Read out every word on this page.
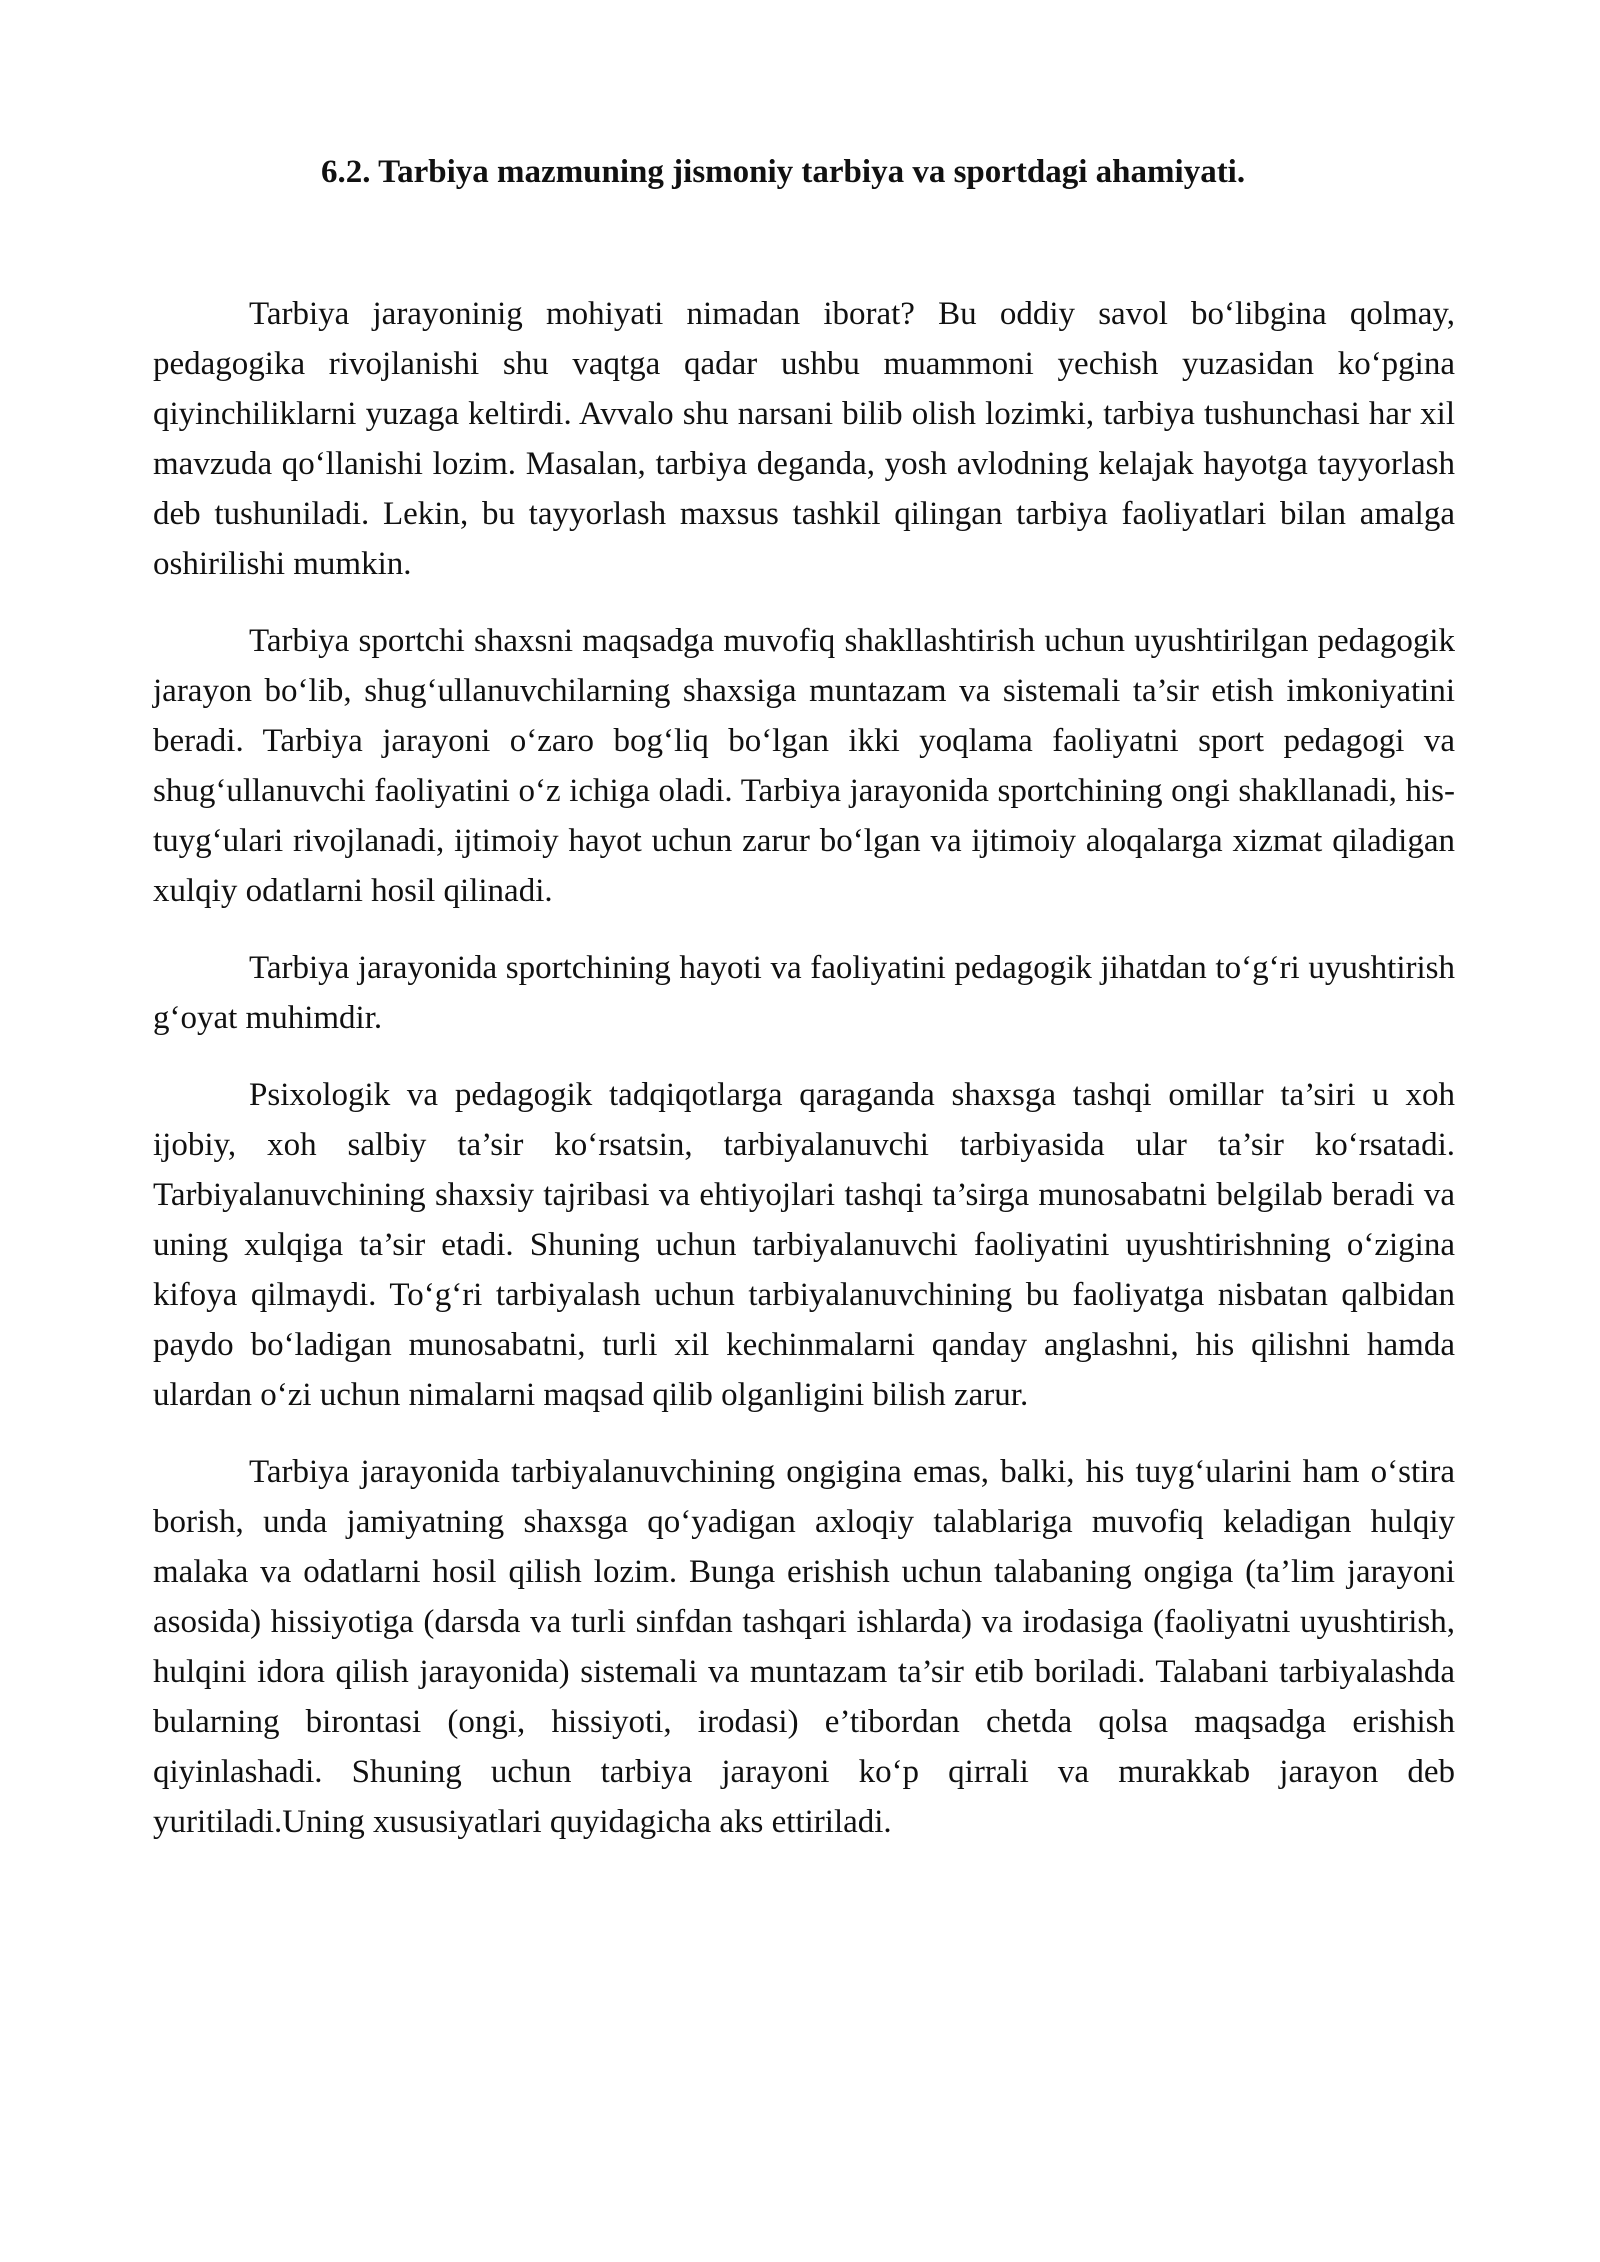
6.2. Tarbiya mazmuning jismoniy tarbiya va sportdagi ahamiyati.

Tarbiya jarayoninig mohiyati nimadan iborat? Bu oddiy savol bo‘libgina qolmay, pedagogika rivojlanishi shu vaqtga qadar ushbu muammoni yechish yuzasidan ko‘pgina qiyinchiliklarni yuzaga keltirdi. Avvalo shu narsani bilib olish lozimki, tarbiya tushunchasi har xil mavzuda qo‘llanishi lozim. Masalan, tarbiya deganda, yosh avlodning kelajak hayotga tayyorlash deb tushuniladi. Lekin, bu tayyorlash maxsus tashkil qilingan tarbiya faoliyatlari bilan amalga oshirilishi mumkin.

Tarbiya sportchi shaxsni maqsadga muvofiq shakllashtirish uchun uyushtirilgan pedagogik jarayon bo‘lib, shug‘ullanuvchilarning shaxsiga muntazam va sistemali ta’sir etish imkoniyatini beradi. Tarbiya jarayoni o‘zaro bog‘liq bo‘lgan ikki yoqlama faoliyatni sport pedagogi va shug‘ullanuvchi faoliyatini o‘z ichiga oladi. Tarbiya jarayonida sportchining ongi shakllanadi, his-tuyg‘ulari rivojlanadi, ijtimoiy hayot uchun zarur bo‘lgan va ijtimoiy aloqalarga xizmat qiladigan xulqiy odatlarni hosil qilinadi.

Tarbiya jarayonida sportchining hayoti va faoliyatini pedagogik jihatdan to‘g‘ri uyushtirish g‘oyat muhimdir.

Psixologik va pedagogik tadqiqotlarga qaraganda shaxsga tashqi omillar ta’siri u xoh ijobiy, xoh salbiy ta’sir ko‘rsatsin, tarbiyalanuvchi tarbiyasida ular ta’sir ko‘rsatadi. Tarbiyalanuvchining shaxsiy tajribasi va ehtiyojlari tashqi ta’sirga munosabatni belgilab beradi va uning xulqiga ta’sir etadi. Shuning uchun tarbiyalanuvchi faoliyatini uyushtirishning o‘zigina kifoya qilmaydi. To‘g‘ri tarbiyalash uchun tarbiyalanuvchining bu faoliyatga nisbatan qalbidan paydo bo‘ladigan munosabatni, turli xil kechinmalarni qanday anglashni, his qilishni hamda ulardan o‘zi uchun nimalarni maqsad qilib olganligini bilish zarur.

Tarbiya jarayonida tarbiyalanuvchining ongigina emas, balki, his tuyg‘ularini ham o‘stira borish, unda jamiyatning shaxsga qo‘yadigan axloqiy talablariga muvofiq keladigan hulqiy malaka va odatlarni hosil qilish lozim. Bunga erishish uchun talabaning ongiga (ta’lim jarayoni asosida) hissiyotiga (darsda va turli sinfdan tashqari ishlarda) va irodasiga (faoliyatni uyushtirish, hulqini idora qilish jarayonida) sistemali va muntazam ta’sir etib boriladi. Talabani tarbiyalashda bularning birontasi (ongi, hissiyoti, irodasi) e’tibordan chetda qolsa maqsadga erishish qiyinlashadi. Shuning uchun tarbiya jarayoni ko‘p qirrali va murakkab jarayon deb yuritiladi.Uning xususiyatlari quyidagicha aks ettiriladi.
